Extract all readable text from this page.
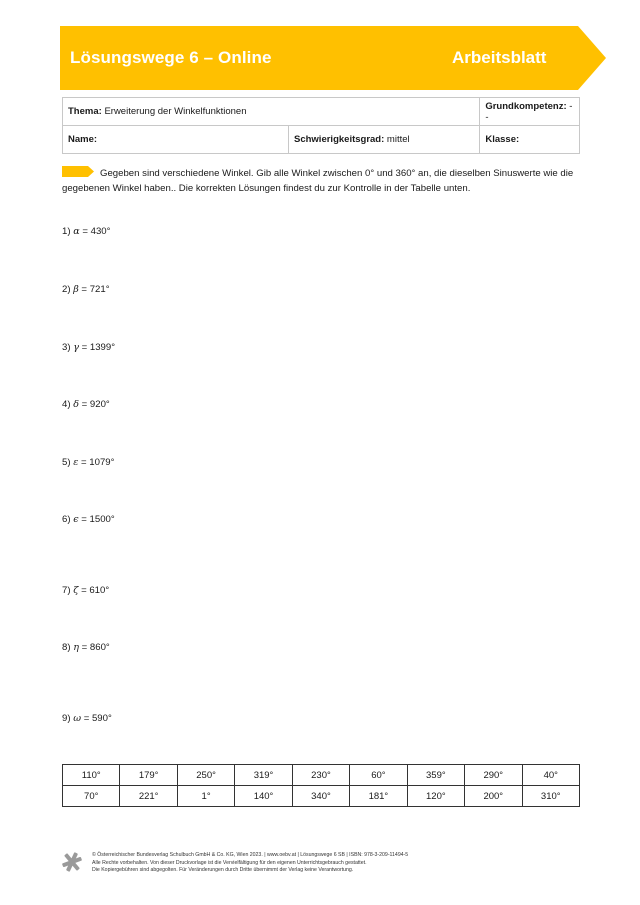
Lösungswege 6 – Online	Arbeitsblatt
Thema: Erweiterung der Winkelfunktionen		Grundkompetenz: --
Name:	Schwierigkeitsgrad: mittel	Klasse:
Gegeben sind verschiedene Winkel. Gib alle Winkel zwischen 0° und 360° an, die dieselben Sinuswerte wie die gegebenen Winkel haben.. Die korrekten Lösungen findest du zur Kontrolle in der Tabelle unten.
1) α = 430°
2) β = 721°
3) γ = 1399°
4) δ = 920°
5) ε = 1079°
6) ϵ = 1500°
7) ζ = 610°
8) η = 860°
9) ω = 590°
110°	179°	250°	319°	230°	60°	359°	290°	40°
70°	221°	1°	140°	340°	181°	120°	200°	310°
© Österreichischer Bundesverlag Schulbuch GmbH & Co. KG, Wien 2023. | www.oebv.at | Lösungswege 6 SB | ISBN: 978-3-209-11494-5
Alle Rechte vorbehalten. Von dieser Druckvorlage ist die Vervielfältigung für den eigenen Unterrichtsgebrauch gestattet.
Die Kopiergebühren sind abgegolten. Für Veränderungen durch Dritte übernimmt der Verlag keine Verantwortung.
